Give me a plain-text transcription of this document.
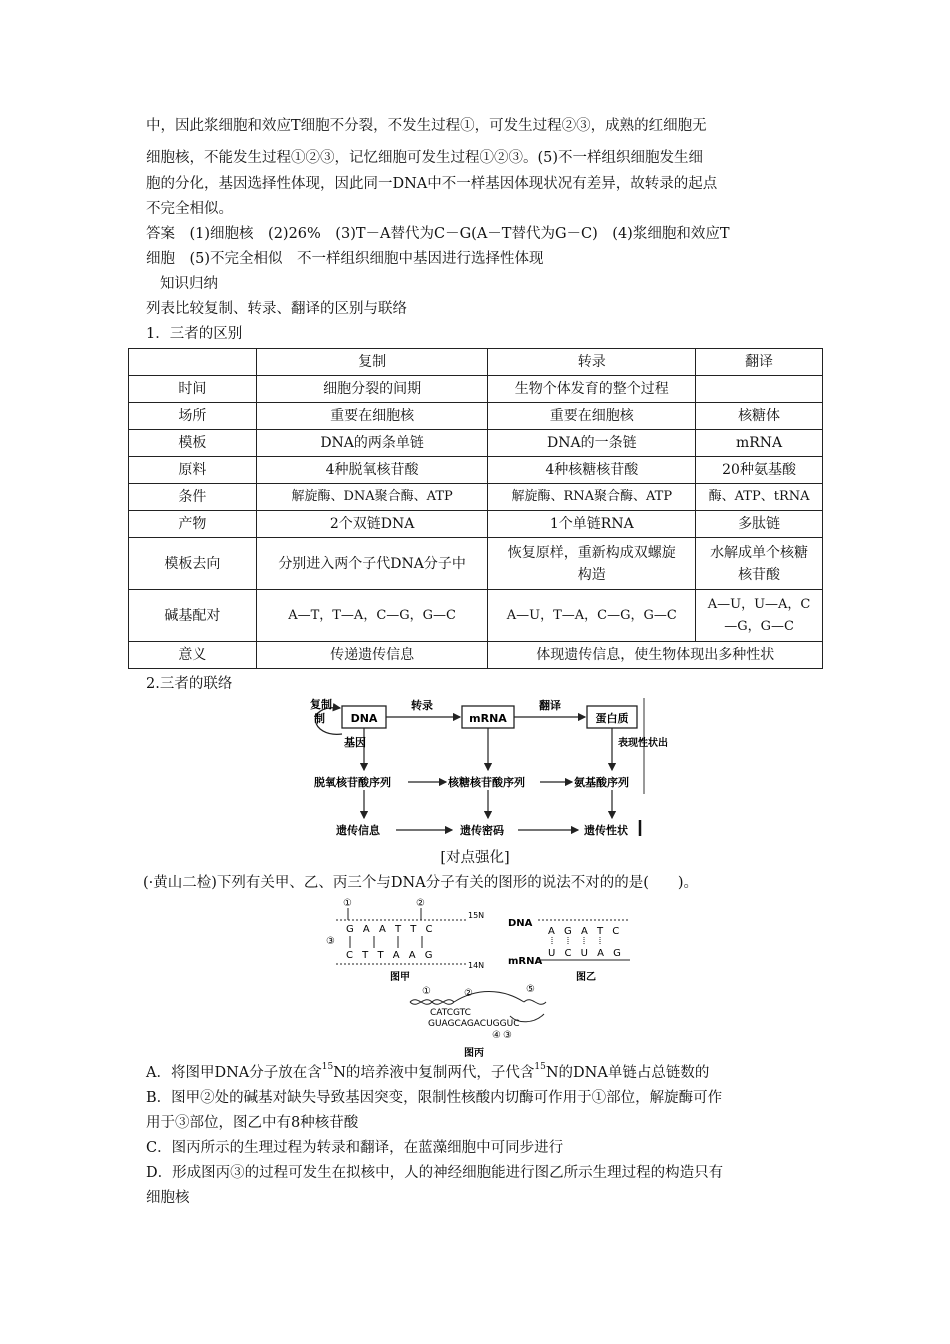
中，因此浆细胞和效应T细胞不分裂，不发生过程①，可发生过程②③，成熟的红细胞无
细胞核，不能发生过程①②③，记忆细胞可发生过程①②③。(5)不一样组织细胞发生细
胞的分化，基因选择性体现，因此同一DNA中不一样基因体现状况有差异，故转录的起点
不完全相似。
答案　(1)细胞核　(2)26%　(3)T－A替代为C－G(A－T替代为G－C)　(4)浆细胞和效应T
细胞　(5)不完全相似　不一样组织细胞中基因进行选择性体现
知识归纳
列表比较复制、转录、翻译的区别与联络
1．三者的区别
	复制	转录	翻译
时间	细胞分裂的间期	生物个体发育的整个过程	
场所	重要在细胞核	重要在细胞核	核糖体
模板	DNA的两条单链	DNA的一条链	mRNA
原料	4种脱氧核苷酸	4种核糖核苷酸	20种氨基酸
条件	解旋酶、DNA聚合酶、ATP	解旋酶、RNA聚合酶、ATP	酶、ATP、tRNA
产物	2个双链DNA	1个单链RNA	多肽链
模板去向	分别进入两个子代DNA分子中	恢复原样，重新构成双螺旋构造	水解成单个核糖核苷酸
碱基配对	A—T，T—A，C—G，G—C	A—U，T—A，C—G，G—C	A—U，U—A，C—G，G—C
意义	传递遗传信息	体现遗传信息，使生物体现出多种性状	
2.三者的联络
复制
制 DNA
转录
mRNA
翻译
蛋白质
基因	表现性状出
脱氧核苷酸序列	核糖核苷酸序列	氨基酸序列
遗传信息	遗传密码	遗传性状
[对点强化]
(·黄山二检)下列有关甲、乙、丙三个与DNA分子有关的图形的说法不对的的是(　　)。
①	②
15N
G A A T T C
③
C T T A A G
14N
图甲
DNA
A G A T C
U C U A G
mRNA
图乙
①	②	⑤
CATCGTC
GUAGCAGACUGGUC
④ ③
图丙
A．将图甲DNA分子放在含$^{15}$N的培养液中复制两代，子代含$^{15}$N的DNA单链占总链数的
B．图甲②处的碱基对缺失导致基因突变，限制性核酸内切酶可作用于①部位，解旋酶可作
用于③部位，图乙中有8种核苷酸
C．图丙所示的生理过程为转录和翻译，在蓝藻细胞中可同步进行
D．形成图丙③的过程可发生在拟核中，人的神经细胞能进行图乙所示生理过程的构造只有
细胞核
